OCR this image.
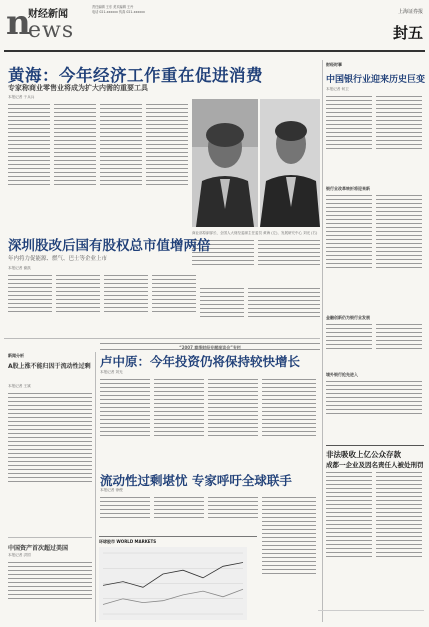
n
财经新闻
ews
责任编辑 王东 美术编辑 王丹
电话 021-xxxxxx 传真 021-xxxxxx	上海证券报
封五
黄海：今年经济工作重在促进消费
专家称商业零售业将成为扩大内需的重要工具
本报记者 于兵兵
商业部原副部长、全国人大财经委副主任委员 黄海 (左)，发展研究中心 刘光 (右)
深圳股改后国有股权总市值增两倍
年内将力促能源、燃气、巴士等企业上市
本报记者 谢凯
“2007 春季财经专题座谈会”专栏
新闻分析
A股上涨不能归因于流动性过剩
本报记者 王斌
中国资产首次超过美国
本报记者 洪国
卢中原：今年投资仍将保持较快增长
本报记者 刘光
流动性过剩堪忧 专家呼吁全球联手
本报记者 徐俊
环球股市 WORLD MARKETS
财经时事
中国银行业迎来历史巨变
本报记者 何卫
银行业改革转折将迎来新
金融创新仍为银行业发展
境外银行抢先进入
非法吸收上亿公众存款
成都一企业及因名责任人被处刑罚
